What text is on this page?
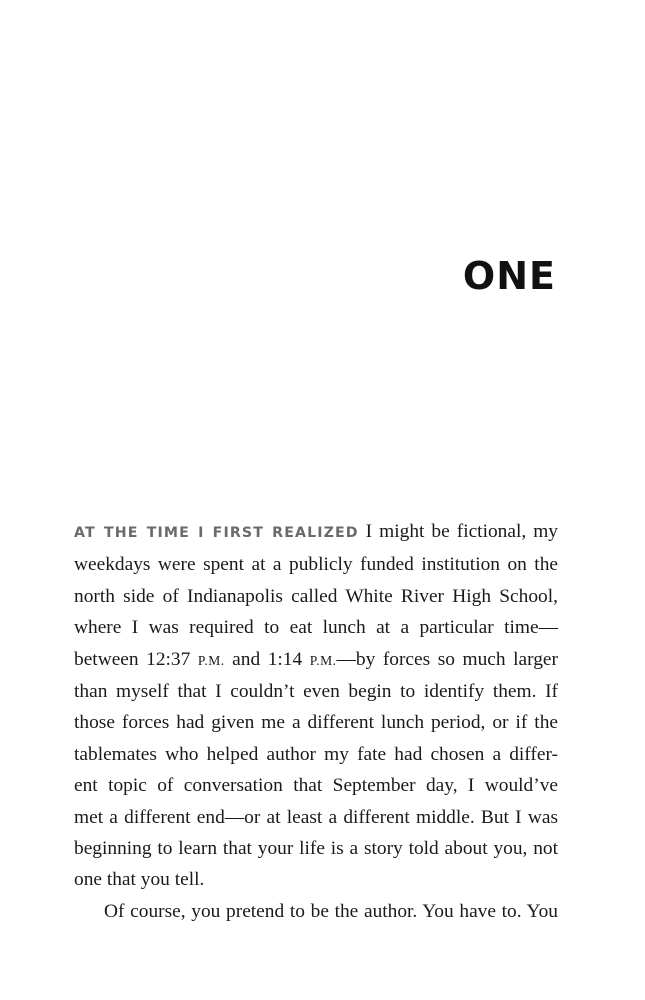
ONE

AT THE TIME I FIRST REALIZED I might be fictional, my
weekdays were spent at a publicly funded institution on the
north side of Indianapolis called White River High School,
where I was required to eat lunch at a particular time—
between 12:37 P.M. and 1:14 P.M.—by forces so much larger
than myself that I couldn’t even begin to identify them. If
those forces had given me a different lunch period, or if the
tablemates who helped author my fate had chosen a differ-
ent topic of conversation that September day, I would’ve
met a different end—or at least a different middle. But I was
beginning to learn that your life is a story told about you, not
one that you tell.

Of course, you pretend to be the author. You have to. You
